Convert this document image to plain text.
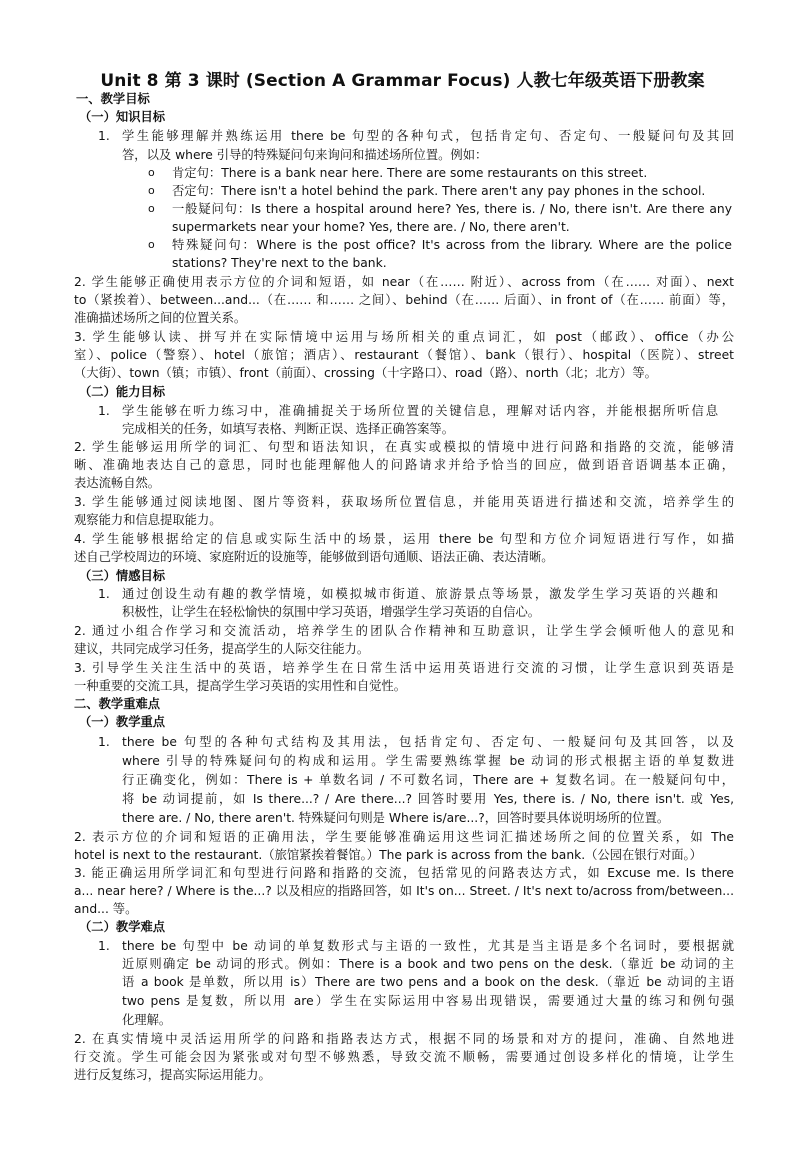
Unit 8 第 3 课时 (Section A Grammar Focus) 人教七年级英语下册教案
一、教学目标
（一）知识目标
1. 学生能够理解并熟练运用 there be 句型的各种句式，包括肯定句、否定句、一般疑问句及其回
答，以及 where 引导的特殊疑问句来询问和描述场所位置。例如：
o 肯定句：There is a bank near here. There are some restaurants on this street.
o 否定句：There isn't a hotel behind the park. There aren't any pay phones in the school.
o 一般疑问句：Is there a hospital around here? Yes, there is. / No, there isn't. Are there any
supermarkets near your home? Yes, there are. / No, there aren't.
o 特殊疑问句：Where is the post office? It's across from the library. Where are the police
stations? They're next to the bank.
2. 学生能够正确使用表示方位的介词和短语，如 near（在…… 附近）、across from（在…… 对面）、next
to（紧挨着）、between...and...（在…… 和…… 之间）、behind（在…… 后面）、in front of（在…… 前面）等，
准确描述场所之间的位置关系。
3. 学生能够认读、拼写并在实际情境中运用与场所相关的重点词汇，如 post（邮政）、office（办公
室）、police（警察）、hotel（旅馆；酒店）、restaurant（餐馆）、bank（银行）、hospital（医院）、street
（大街）、town（镇；市镇）、front（前面）、crossing（十字路口）、road（路）、north（北；北方）等。
（二）能力目标
1. 学生能够在听力练习中，准确捕捉关于场所位置的关键信息，理解对话内容，并能根据所听信息
完成相关的任务，如填写表格、判断正误、选择正确答案等。
2. 学生能够运用所学的词汇、句型和语法知识，在真实或模拟的情境中进行问路和指路的交流，能够清
晰、准确地表达自己的意思，同时也能理解他人的问路请求并给予恰当的回应，做到语音语调基本正确，
表达流畅自然。
3. 学生能够通过阅读地图、图片等资料，获取场所位置信息，并能用英语进行描述和交流，培养学生的
观察能力和信息提取能力。
4. 学生能够根据给定的信息或实际生活中的场景，运用 there be 句型和方位介词短语进行写作，如描
述自己学校周边的环境、家庭附近的设施等，能够做到语句通顺、语法正确、表达清晰。
（三）情感目标
1. 通过创设生动有趣的教学情境，如模拟城市街道、旅游景点等场景，激发学生学习英语的兴趣和
积极性，让学生在轻松愉快的氛围中学习英语，增强学生学习英语的自信心。
2. 通过小组合作学习和交流活动，培养学生的团队合作精神和互助意识，让学生学会倾听他人的意见和
建议，共同完成学习任务，提高学生的人际交往能力。
3. 引导学生关注生活中的英语，培养学生在日常生活中运用英语进行交流的习惯，让学生意识到英语是
一种重要的交流工具，提高学生学习英语的实用性和自觉性。
二、教学重难点
（一）教学重点
1. there be 句型的各种句式结构及其用法，包括肯定句、否定句、一般疑问句及其回答，以及
where 引导的特殊疑问句的构成和运用。学生需要熟练掌握 be 动词的形式根据主语的单复数进
行正确变化，例如：There is + 单数名词 / 不可数名词，There are + 复数名词。在一般疑问句中，
将 be 动词提前，如 Is there...? / Are there...? 回答时要用 Yes, there is. / No, there isn't. 或 Yes,
there are. / No, there aren't. 特殊疑问句则是 Where is/are...?，回答时要具体说明场所的位置。
2. 表示方位的介词和短语的正确用法，学生要能够准确运用这些词汇描述场所之间的位置关系，如 The
hotel is next to the restaurant.（旅馆紧挨着餐馆。）The park is across from the bank.（公园在银行对面。）
3. 能正确运用所学词汇和句型进行问路和指路的交流，包括常见的问路表达方式，如 Excuse me. Is there
a... near here? / Where is the...? 以及相应的指路回答，如 It's on... Street. / It's next to/across from/between...
and... 等。
（二）教学难点
1. there be 句型中 be 动词的单复数形式与主语的一致性，尤其是当主语是多个名词时，要根据就
近原则确定 be 动词的形式。例如：There is a book and two pens on the desk.（靠近 be 动词的主
语 a book 是单数，所以用 is）There are two pens and a book on the desk.（靠近 be 动词的主语
two pens 是复数，所以用 are）学生在实际运用中容易出现错误，需要通过大量的练习和例句强
化理解。
2. 在真实情境中灵活运用所学的问路和指路表达方式，根据不同的场景和对方的提问，准确、自然地进
行交流。学生可能会因为紧张或对句型不够熟悉，导致交流不顺畅，需要通过创设多样化的情境，让学生
进行反复练习，提高实际运用能力。
